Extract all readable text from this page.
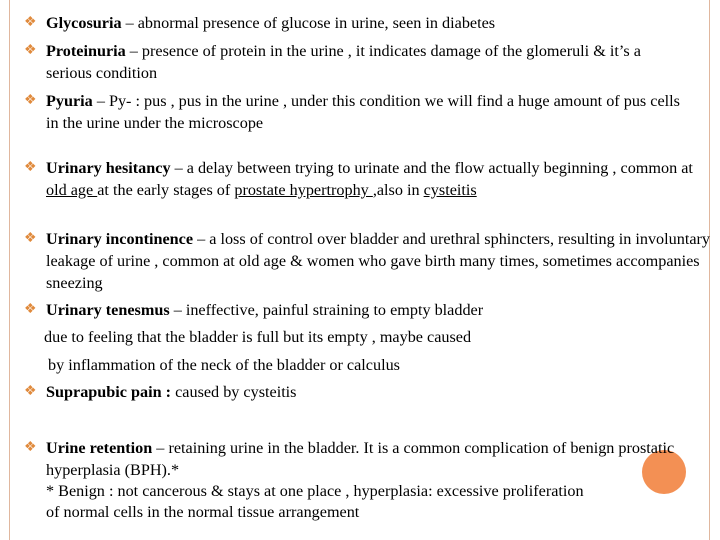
❖ Glycosuria – abnormal presence of glucose in urine, seen in diabetes
❖ Proteinuria – presence of protein in the urine , it indicates damage of the glomeruli & it’s a serious condition
❖ Pyuria – Py- : pus , pus in the urine , under this condition we will find a huge amount of pus cells in the urine under the microscope
❖ Urinary hesitancy – a delay between trying to urinate and the flow actually beginning , common at old age at the early stages of prostate hypertrophy ,also in cysteitis
❖ Urinary incontinence – a loss of control over bladder and urethral sphincters, resulting in involuntary leakage of urine , common at old age & women who gave birth many times, sometimes accompanies sneezing
❖ Urinary tenesmus – ineffective, painful straining to empty bladder
due to feeling that the bladder is full but its empty , maybe caused
by inflammation of the neck of the bladder or calculus
❖ Suprapubic pain : caused by cysteitis
❖ Urine retention – retaining urine in the bladder. It is a common complication of benign prostatic hyperplasia (BPH).*
* Benign : not cancerous & stays at one place , hyperplasia: excessive proliferation
of normal cells in the normal tissue arrangement
